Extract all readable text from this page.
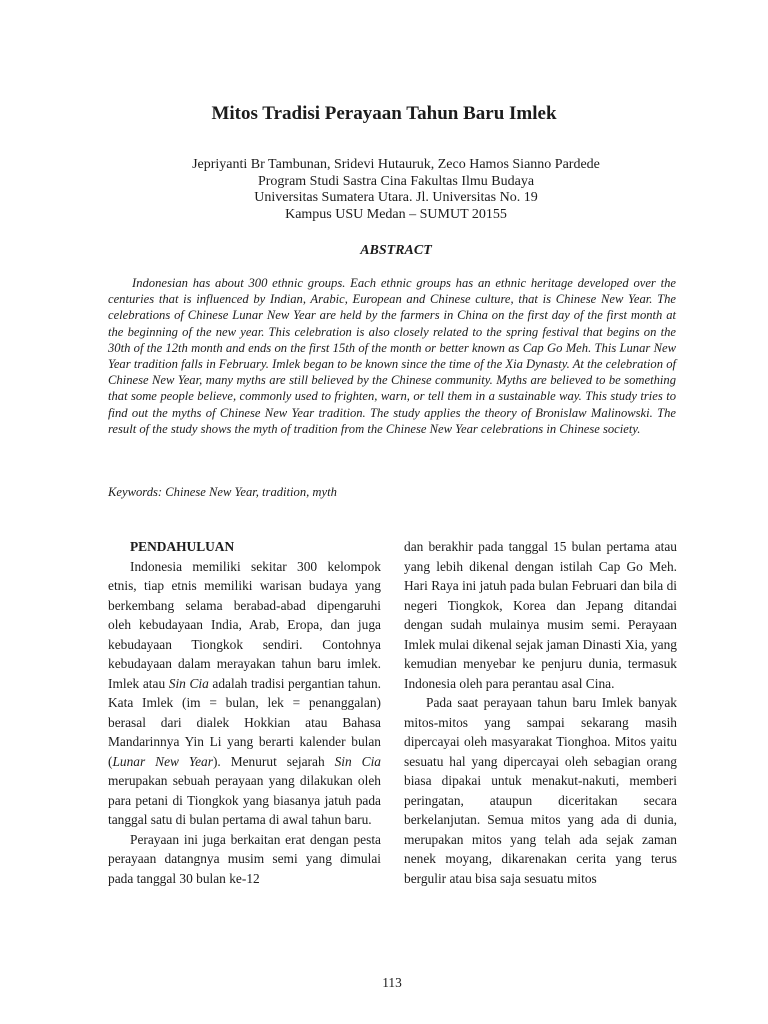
Mitos Tradisi Perayaan Tahun Baru Imlek
Jepriyanti Br Tambunan, Sridevi Hutauruk, Zeco Hamos Sianno Pardede
Program Studi Sastra Cina Fakultas Ilmu Budaya
Universitas Sumatera Utara. Jl. Universitas No. 19
Kampus USU Medan – SUMUT 20155
ABSTRACT

Indonesian has about 300 ethnic groups. Each ethnic groups has an ethnic heritage developed over the centuries that is influenced by Indian, Arabic, European and Chinese culture, that is Chinese New Year. The celebrations of Chinese Lunar New Year are held by the farmers in China on the first day of the first month at the beginning of the new year. This celebration is also closely related to the spring festival that begins on the 30th of the 12th month and ends on the first 15th of the month or better known as Cap Go Meh. This Lunar New Year tradition falls in February. Imlek began to be known since the time of the Xia Dynasty. At the celebration of Chinese New Year, many myths are still believed by the Chinese community. Myths are believed to be something that some people believe, commonly used to frighten, warn, or tell them in a sustainable way. This study tries to find out the myths of Chinese New Year tradition. The study applies the theory of Bronislaw Malinowski. The result of the study shows the myth of tradition from the Chinese New Year celebrations in Chinese society.

Keywords: Chinese New Year, tradition, myth

PENDAHULUAN

Indonesia memiliki sekitar 300 kelompok etnis, tiap etnis memiliki warisan budaya yang berkembang selama berabad-abad dipengaruhi oleh kebudayaan India, Arab, Eropa, dan juga kebudayaan Tiongkok sendiri. Contohnya kebudayaan dalam merayakan tahun baru imlek. Imlek atau Sin Cia adalah tradisi pergantian tahun. Kata Imlek (im = bulan, lek = penanggalan) berasal dari dialek Hokkian atau Bahasa Mandarinnya Yin Li yang berarti kalender bulan (Lunar New Year). Menurut sejarah Sin Cia merupakan sebuah perayaan yang dilakukan oleh para petani di Tiongkok yang biasanya jatuh pada tanggal satu di bulan pertama di awal tahun baru.

Perayaan ini juga berkaitan erat dengan pesta perayaan datangnya musim semi yang dimulai pada tanggal 30 bulan ke-12

dan berakhir pada tanggal 15 bulan pertama atau yang lebih dikenal dengan istilah Cap Go Meh. Hari Raya ini jatuh pada bulan Februari dan bila di negeri Tiongkok, Korea dan Jepang ditandai dengan sudah mulainya musim semi. Perayaan Imlek mulai dikenal sejak jaman Dinasti Xia, yang kemudian menyebar ke penjuru dunia, termasuk Indonesia oleh para perantau asal Cina.

Pada saat perayaan tahun baru Imlek banyak mitos-mitos yang sampai sekarang masih dipercayai oleh masyarakat Tionghoa. Mitos yaitu sesuatu hal yang dipercayai oleh sebagian orang biasa dipakai untuk menakut-nakuti, memberi peringatan, ataupun diceritakan secara berkelanjutan. Semua mitos yang ada di dunia, merupakan mitos yang telah ada sejak zaman nenek moyang, dikarenakan cerita yang terus bergulir atau bisa saja sesuatu mitos

113
